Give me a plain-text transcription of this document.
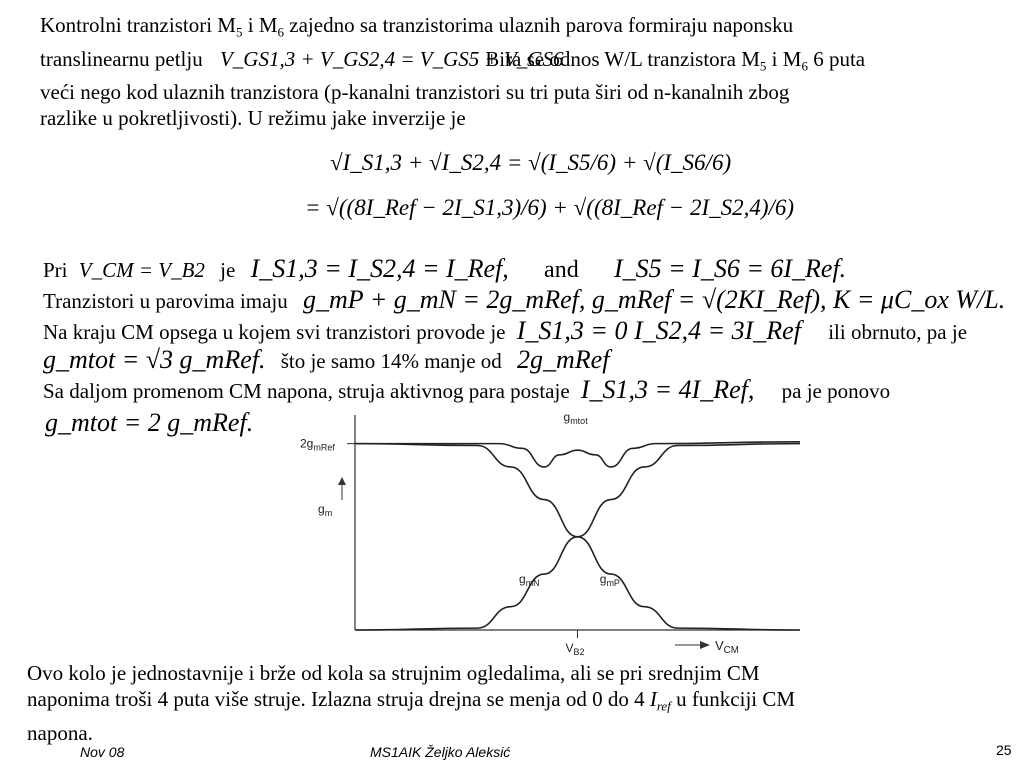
Kontrolni tranzistori $M_5$ i $M_6$ zajedno sa tranzistorima ulaznih parova formiraju naponsku
translinearnu petlju V_GS1,3 + V_GS2,4 = V_GS5 + V_GS6 Bira se odnos W/L tranzistora $M_5$ i $M_6$ 6 puta
veći nego kod ulaznih tranzistora (p-kanalni tranzistori su tri puta širi od n-kanalnih zbog
razlike u pokretljivosti). U režimu jake inverzije je
√I_S1,3 + √I_S2,4 = √(I_S5/6) + √(I_S6/6)
= √((8I_Ref − 2I_S1,3)/6) + √((8I_Ref − 2I_S2,4)/6)
Pri V_CM = V_B2 je I_S1,3 = I_S2,4 = I_Ref, and I_S5 = I_S6 = 6I_Ref.
Tranzistori u parovima imaju g_mP + g_mN = 2g_mRef, g_mRef = √(2KI_Ref), K = μC_ox W/L.
Na kraju CM opsega u kojem svi tranzistori provode je I_S1,3 = 0 I_S2,4 = 3I_Ref ili obrnuto, pa je
g_mtot = √3 g_mRef. što je samo 14% manje od 2g_mRef
Sa daljom promenom CM napona, struja aktivnog para postaje I_S1,3 = 4I_Ref, pa je ponovo
g_mtot = 2 g_mRef.
$2g_{mRef}$
$g_m$
$V_{B2}$	$V_{CM}$
$g_{mtot}$
$g_{mN}$	$g_{mP}$
Ovo kolo je jednostavnije i brže od kola sa strujnim ogledalima, ali se pri srednjim CM
naponima troši 4 puta više struje. Izlazna struja drejna se menja od 0 do 4 $I_{ref}$ u funkciji CM
napona.
Nov 08	MS1AIK Željko Aleksić	25
